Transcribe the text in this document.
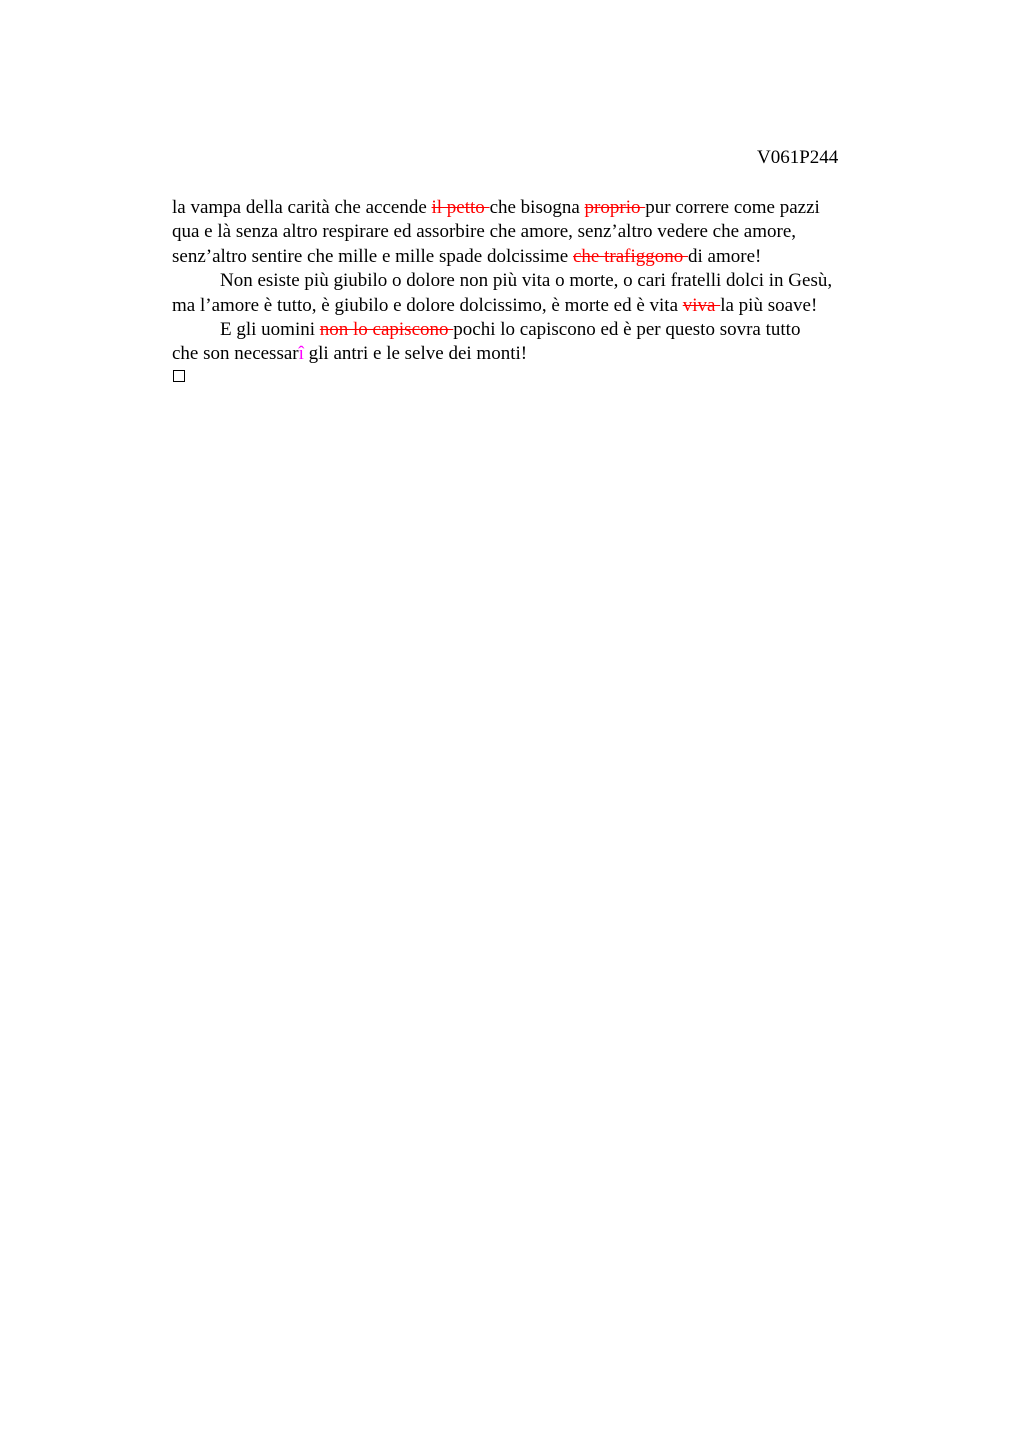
V061P244
la vampa della carità che accende il petto che bisogna proprio pur correre come pazzi
qua e là senza altro respirare ed assorbire che amore, senz’altro vedere che amore,
senz’altro sentire che mille e mille spade dolcissime che trafiggono di amore!
Non esiste più giubilo o dolore non più vita o morte, o cari fratelli dolci in Gesù,
ma l’amore è tutto, è giubilo e dolore dolcissimo, è morte ed è vita viva la più soave!
E gli uomini non lo capiscono pochi lo capiscono ed è per questo sovra tutto
che son necessarî gli antri e le selve dei monti!
